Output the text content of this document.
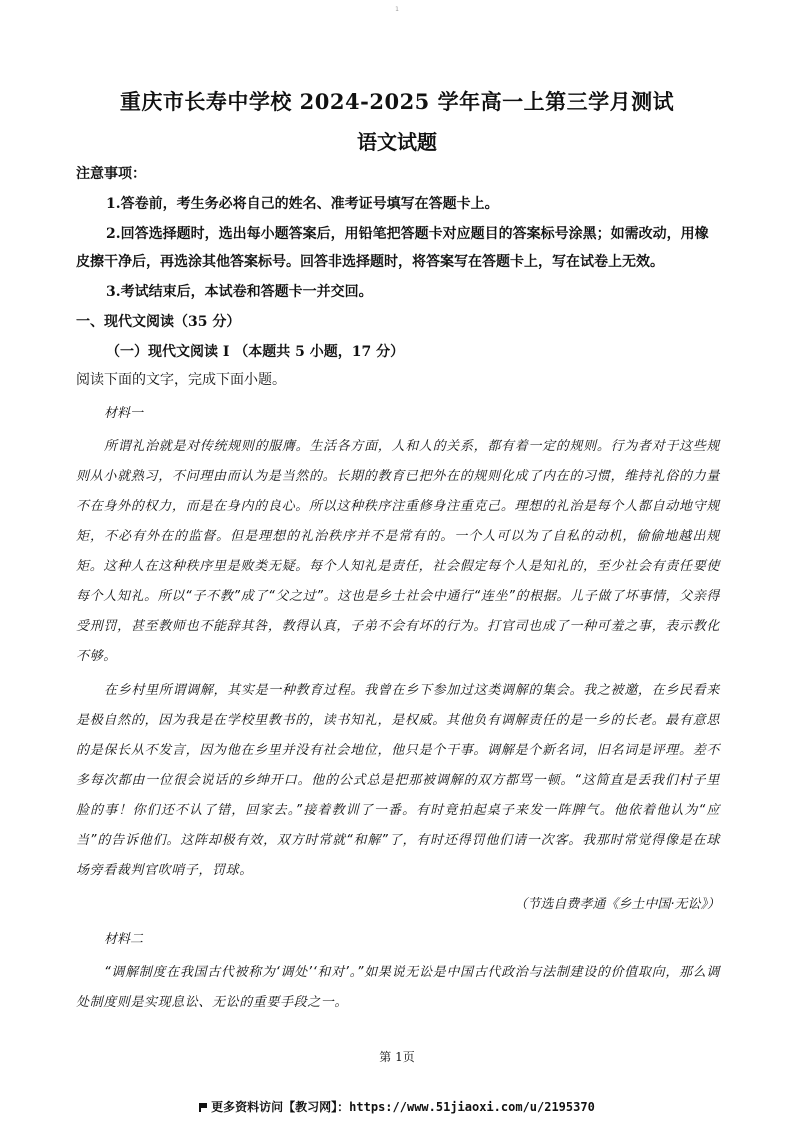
1
重庆市长寿中学校 2024-2025 学年高一上第三学月测试
语文试题
注意事项：
1.答卷前，考生务必将自己的姓名、准考证号填写在答题卡上。
2.回答选择题时，选出每小题答案后，用铅笔把答题卡对应题目的答案标号涂黑；如需改动，用橡皮擦干净后，再选涂其他答案标号。回答非选择题时，将答案写在答题卡上，写在试卷上无效。
3.考试结束后，本试卷和答题卡一并交回。
一、现代文阅读（35 分）
（一）现代文阅读 I （本题共 5 小题，17 分）
阅读下面的文字，完成下面小题。
材料一
所谓礼治就是对传统规则的服膺。生活各方面，人和人的关系，都有着一定的规则。行为者对于这些规则从小就熟习，不问理由而认为是当然的。长期的教育已把外在的规则化成了内在的习惯，维持礼俗的力量不在身外的权力，而是在身内的良心。所以这种秩序注重修身注重克己。理想的礼治是每个人都自动地守规矩，不必有外在的监督。但是理想的礼治秩序并不是常有的。一个人可以为了自私的动机，偷偷地越出规矩。这种人在这种秩序里是败类无疑。每个人知礼是责任，社会假定每个人是知礼的，至少社会有责任要使每个人知礼。所以“子不教”成了“父之过”。这也是乡土社会中通行“连坐”的根据。儿子做了坏事情，父亲得受刑罚，甚至教师也不能辞其咎，教得认真，子弟不会有坏的行为。打官司也成了一种可羞之事，表示教化不够。
在乡村里所谓调解，其实是一种教育过程。我曾在乡下参加过这类调解的集会。我之被邀，在乡民看来是极自然的，因为我是在学校里教书的，读书知礼，是权威。其他负有调解责任的是一乡的长老。最有意思的是保长从不发言，因为他在乡里并没有社会地位，他只是个干事。调解是个新名词，旧名词是评理。差不多每次都由一位很会说话的乡绅开口。他的公式总是把那被调解的双方都骂一顿。“这简直是丢我们村子里脸的事！你们还不认了错，回家去。”接着教训了一番。有时竟拍起桌子来发一阵脾气。他依着他认为“应当”的告诉他们。这阵却极有效，双方时常就“和解”了，有时还得罚他们请一次客。我那时常觉得像是在球场旁看裁判官吹哨子，罚球。
（节选自费孝通《乡土中国·无讼》）
材料二
“调解制度在我国古代被称为‘调处’‘和对’。”如果说无讼是中国古代政治与法制建设的价值取向，那么调处制度则是实现息讼、无讼的重要手段之一。
第 1页
更多资料访问【教习网】：https://www.51jiaoxi.com/u/2195370
